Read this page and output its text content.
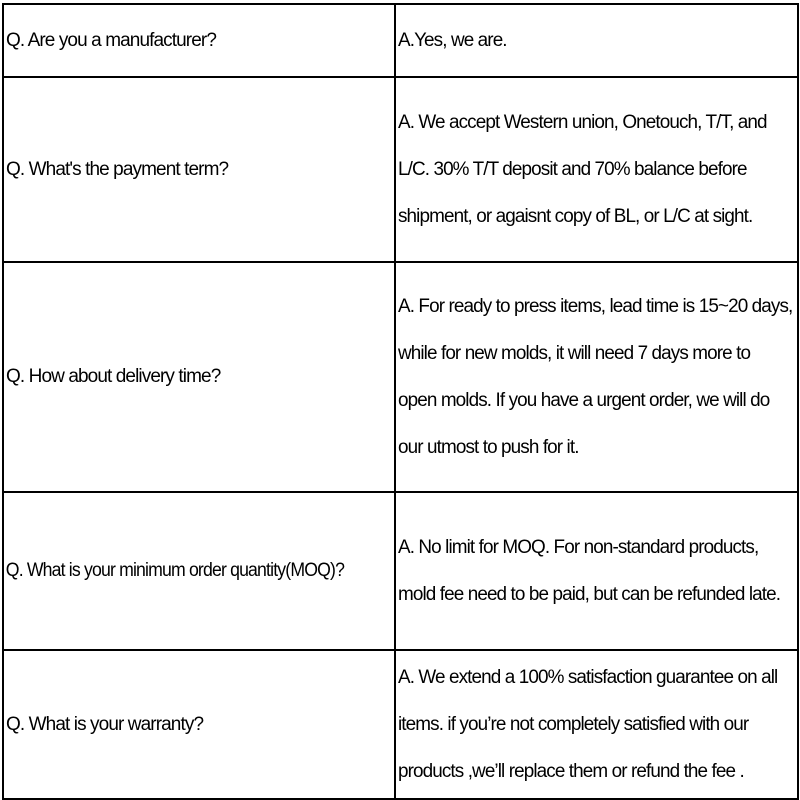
Q. Are you a manufacturer?	A.Yes, we are.

Q. What's the payment term?	A. We accept Western union, Onetouch, T/T, and
L/C. 30% T/T deposit and 70% balance before
shipment, or agaisnt copy of BL, or L/C at sight.

Q. How about delivery time?	A. For ready to press items, lead time is 15~20 days,
while for new molds, it will need 7 days more to
open molds. If you have a urgent order, we will do
our utmost to push for it.

Q. What is your minimum order quantity(MOQ)?	A. No limit for MOQ. For non-standard products,
mold fee need to be paid, but can be refunded late.

Q. What is your warranty?	A. We extend a 100% satisfaction guarantee on all
items. if you’re not completely satisfied with our
products ,we’ll replace them or refund the fee .
